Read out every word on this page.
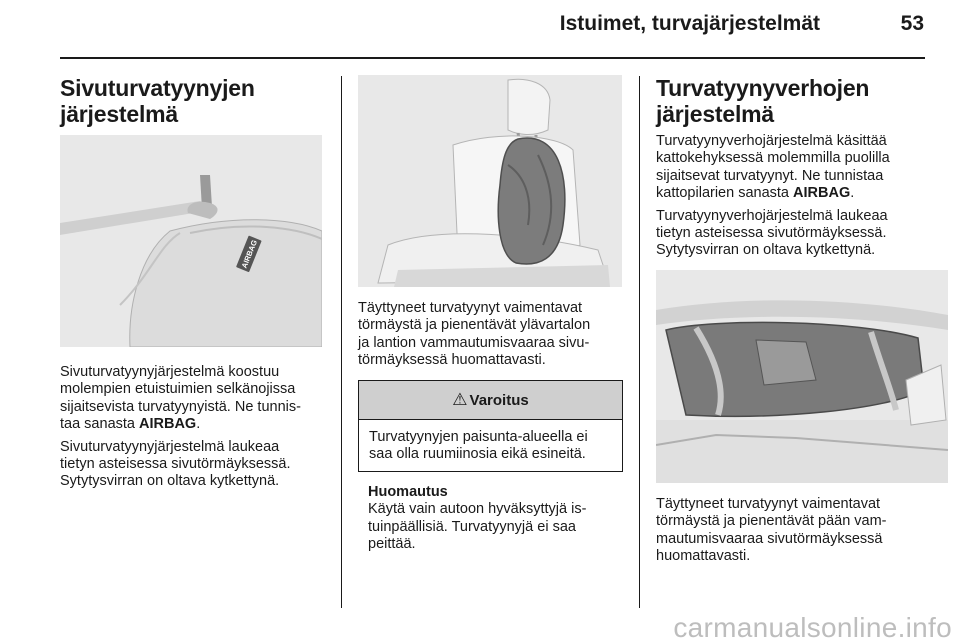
Istuimet, turvajärjestelmät	53
Sivuturvatyynyjen
järjestelmä
AIRBAG

Sivuturvatyynyjärjestelmä koostuu
molempien etuistuimien selkänojissa
sijaitsevista turvatyynyistä. Ne tunnis-
taa sanasta AIRBAG.

Sivuturvatyynyjärjestelmä laukeaa
tietyn asteisessa sivutörmäyksessä.
Sytytysvirran on oltava kytkettynä.

Täyttyneet turvatyynyt vaimentavat
törmäystä ja pienentävät ylävartalon
ja lantion vammautumisvaaraa sivu-
törmäyksessä huomattavasti.

⚠ Varoitus
Turvatyynyjen paisunta-alueella ei
saa olla ruumiinosia eikä esineitä.
Huomautus
Käytä vain autoon hyväksyttyjä is-
tuinpäällisiä. Turvatyynyjä ei saa
peittää.
Turvatyynyverhojen
järjestelmä

Turvatyynyverhojärjestelmä käsittää
kattokehyksessä molemmilla puolilla
sijaitsevat turvatyynyt. Ne tunnistaa
kattopilarien sanasta AIRBAG.

Turvatyynyverhojärjestelmä laukeaa
tietyn asteisessa sivutörmäyksessä.
Sytytysvirran on oltava kytkettynä.

Täyttyneet turvatyynyt vaimentavat
törmäystä ja pienentävät pään vam-
mautumisvaaraa sivutörmäyksessä
huomattavasti.

carmanualsonline.info
